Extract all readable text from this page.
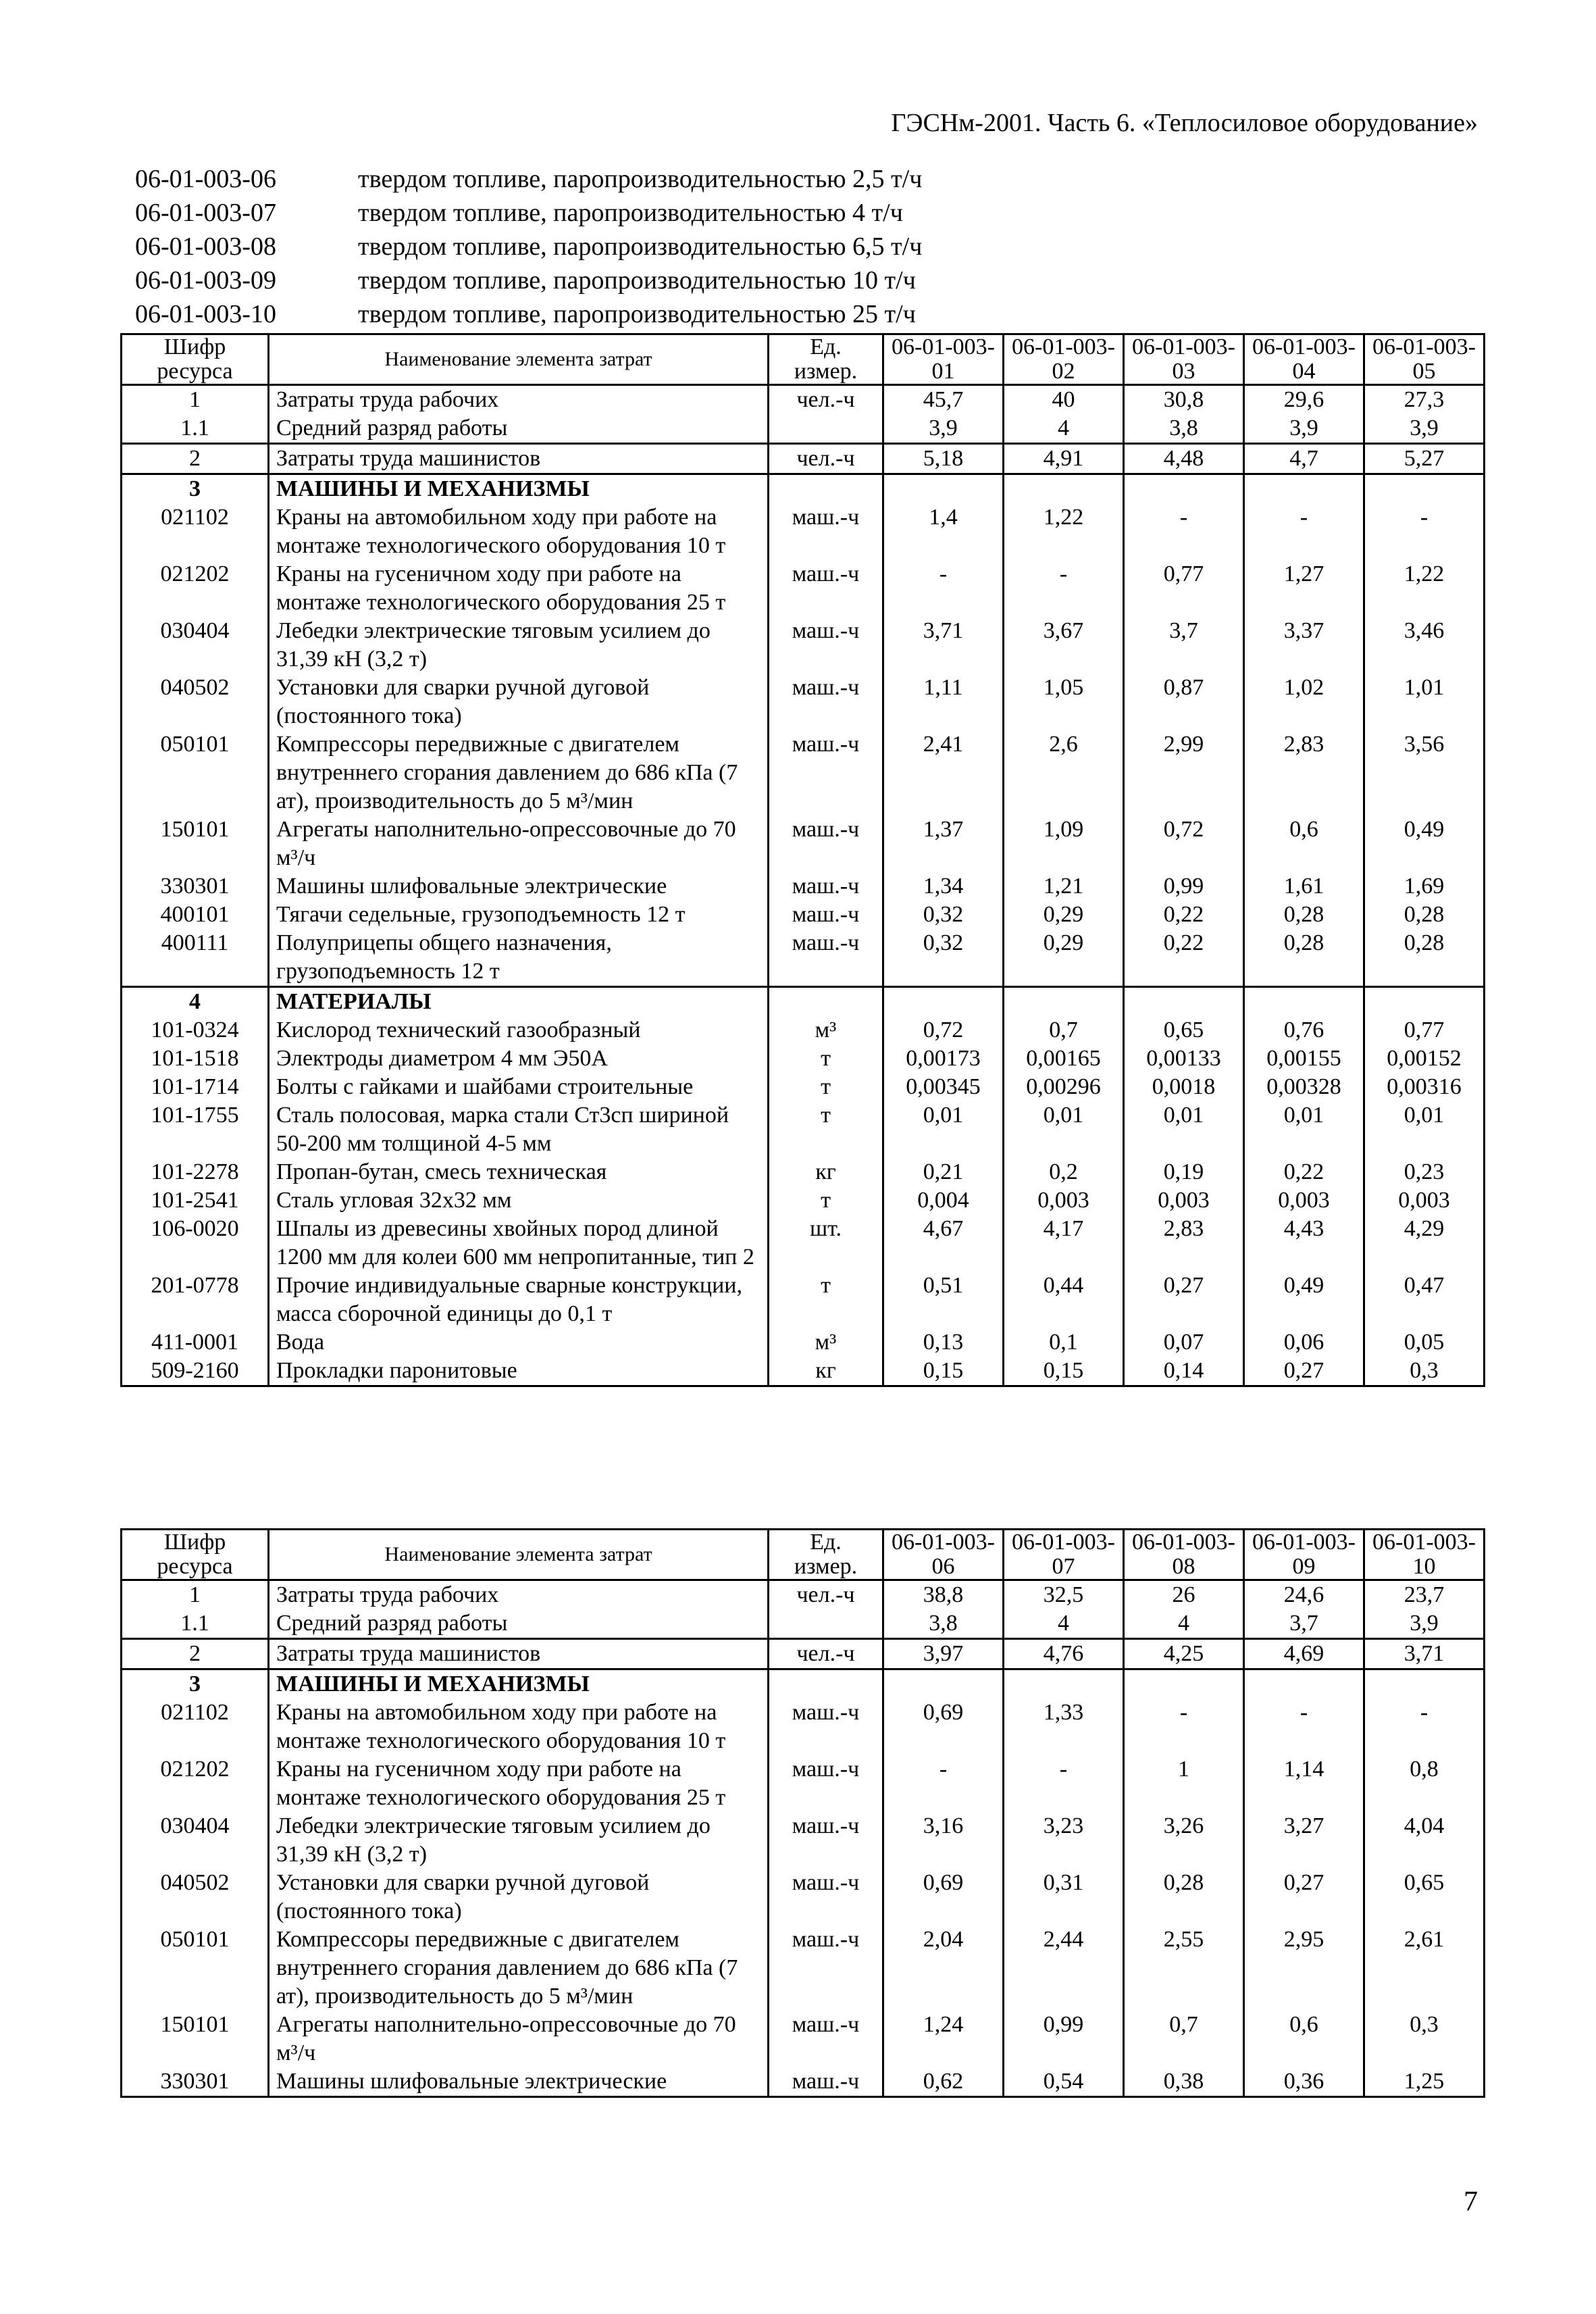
ГЭСНм-2001. Часть 6. «Теплосиловое оборудование»
06-01-003-06	твердом топливе, паропроизводительностью 2,5 т/ч
06-01-003-07	твердом топливе, паропроизводительностью 4 т/ч
06-01-003-08	твердом топливе, паропроизводительностью 6,5 т/ч
06-01-003-09	твердом топливе, паропроизводительностью 10 т/ч
06-01-003-10	твердом топливе, паропроизводительностью 25 т/ч
Шифр ресурса	Наименование элемента затрат	Ед. измер.	06-01-003-01	06-01-003-02	06-01-003-03	06-01-003-04	06-01-003-05
1	Затраты труда рабочих	чел.-ч	45,7	40	30,8	29,6	27,3
1.1	Средний разряд работы		3,9	4	3,8	3,9	3,9
2	Затраты труда машинистов	чел.-ч	5,18	4,91	4,48	4,7	5,27
3	МАШИНЫ И МЕХАНИЗМЫ						
021102	Краны на автомобильном ходу при работе на монтаже технологического оборудования 10 т	маш.-ч	1,4	1,22	-	-	-
021202	Краны на гусеничном ходу при работе на монтаже технологического оборудования 25 т	маш.-ч	-	-	0,77	1,27	1,22
030404	Лебедки электрические тяговым усилием до 31,39 кН (3,2 т)	маш.-ч	3,71	3,67	3,7	3,37	3,46
040502	Установки для сварки ручной дуговой (постоянного тока)	маш.-ч	1,11	1,05	0,87	1,02	1,01
050101	Компрессоры передвижные с двигателем внутреннего сгорания давлением до 686 кПа (7 ат), производительность до 5 м³/мин	маш.-ч	2,41	2,6	2,99	2,83	3,56
150101	Агрегаты наполнительно-опрессовочные до 70 м³/ч	маш.-ч	1,37	1,09	0,72	0,6	0,49
330301	Машины шлифовальные электрические	маш.-ч	1,34	1,21	0,99	1,61	1,69
400101	Тягачи седельные, грузоподъемность 12 т	маш.-ч	0,32	0,29	0,22	0,28	0,28
400111	Полуприцепы общего назначения, грузоподъемность 12 т	маш.-ч	0,32	0,29	0,22	0,28	0,28
4	МАТЕРИАЛЫ						
101-0324	Кислород технический газообразный	м³	0,72	0,7	0,65	0,76	0,77
101-1518	Электроды диаметром 4 мм Э50А	т	0,00173	0,00165	0,00133	0,00155	0,00152
101-1714	Болты с гайками и шайбами строительные	т	0,00345	0,00296	0,0018	0,00328	0,00316
101-1755	Сталь полосовая, марка стали Ст3сп шириной 50-200 мм толщиной 4-5 мм	т	0,01	0,01	0,01	0,01	0,01
101-2278	Пропан-бутан, смесь техническая	кг	0,21	0,2	0,19	0,22	0,23
101-2541	Сталь угловая 32х32 мм	т	0,004	0,003	0,003	0,003	0,003
106-0020	Шпалы из древесины хвойных пород длиной 1200 мм для колеи 600 мм непропитанные, тип 2	шт.	4,67	4,17	2,83	4,43	4,29
201-0778	Прочие индивидуальные сварные конструкции, масса сборочной единицы до 0,1 т	т	0,51	0,44	0,27	0,49	0,47
411-0001	Вода	м³	0,13	0,1	0,07	0,06	0,05
509-2160	Прокладки паронитовые	кг	0,15	0,15	0,14	0,27	0,3
Шифр ресурса	Наименование элемента затрат	Ед. измер.	06-01-003-06	06-01-003-07	06-01-003-08	06-01-003-09	06-01-003-10
1	Затраты труда рабочих	чел.-ч	38,8	32,5	26	24,6	23,7
1.1	Средний разряд работы		3,8	4	4	3,7	3,9
2	Затраты труда машинистов	чел.-ч	3,97	4,76	4,25	4,69	3,71
3	МАШИНЫ И МЕХАНИЗМЫ						
021102	Краны на автомобильном ходу при работе на монтаже технологического оборудования 10 т	маш.-ч	0,69	1,33	-	-	-
021202	Краны на гусеничном ходу при работе на монтаже технологического оборудования 25 т	маш.-ч	-	-	1	1,14	0,8
030404	Лебедки электрические тяговым усилием до 31,39 кН (3,2 т)	маш.-ч	3,16	3,23	3,26	3,27	4,04
040502	Установки для сварки ручной дуговой (постоянного тока)	маш.-ч	0,69	0,31	0,28	0,27	0,65
050101	Компрессоры передвижные с двигателем внутреннего сгорания давлением до 686 кПа (7 ат), производительность до 5 м³/мин	маш.-ч	2,04	2,44	2,55	2,95	2,61
150101	Агрегаты наполнительно-опрессовочные до 70 м³/ч	маш.-ч	1,24	0,99	0,7	0,6	0,3
330301	Машины шлифовальные электрические	маш.-ч	0,62	0,54	0,38	0,36	1,25
7
